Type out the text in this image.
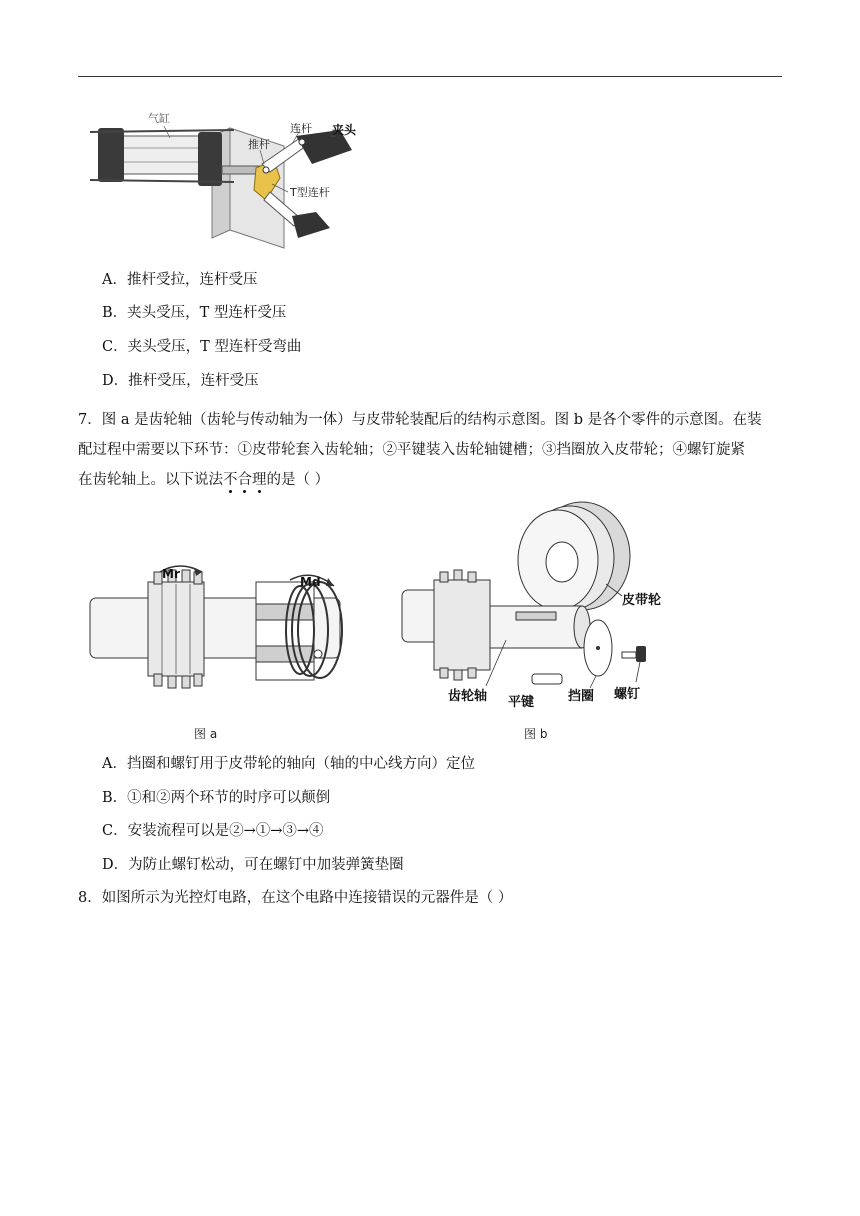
气缸
推杆
连杆 夹头
T型连杆
A．推杆受拉，连杆受压
B．夹头受压，T 型连杆受压
C．夹头受压，T 型连杆受弯曲
D．推杆受压，连杆受压

7．图 a 是齿轮轴（齿轮与传动轴为一体）与皮带轮装配后的结构示意图。图 b 是各个零件的示意图。在装

配过程中需要以下环节：①皮带轮套入齿轮轴；②平键装入齿轮轴键槽；③挡圈放入皮带轮；④螺钉旋紧

在齿轮轴上。以下说法不合理的是（ ）

Mr
Md
图 a
皮带轮
齿轮轴 平键	挡圈 螺钉
图 b
A．挡圈和螺钉用于皮带轮的轴向（轴的中心线方向）定位
B．①和②两个环节的时序可以颠倒
C．安装流程可以是②→①→③→④
D．为防止螺钉松动，可在螺钉中加装弹簧垫圈

8．如图所示为光控灯电路，在这个电路中连接错误的元器件是（ ）
